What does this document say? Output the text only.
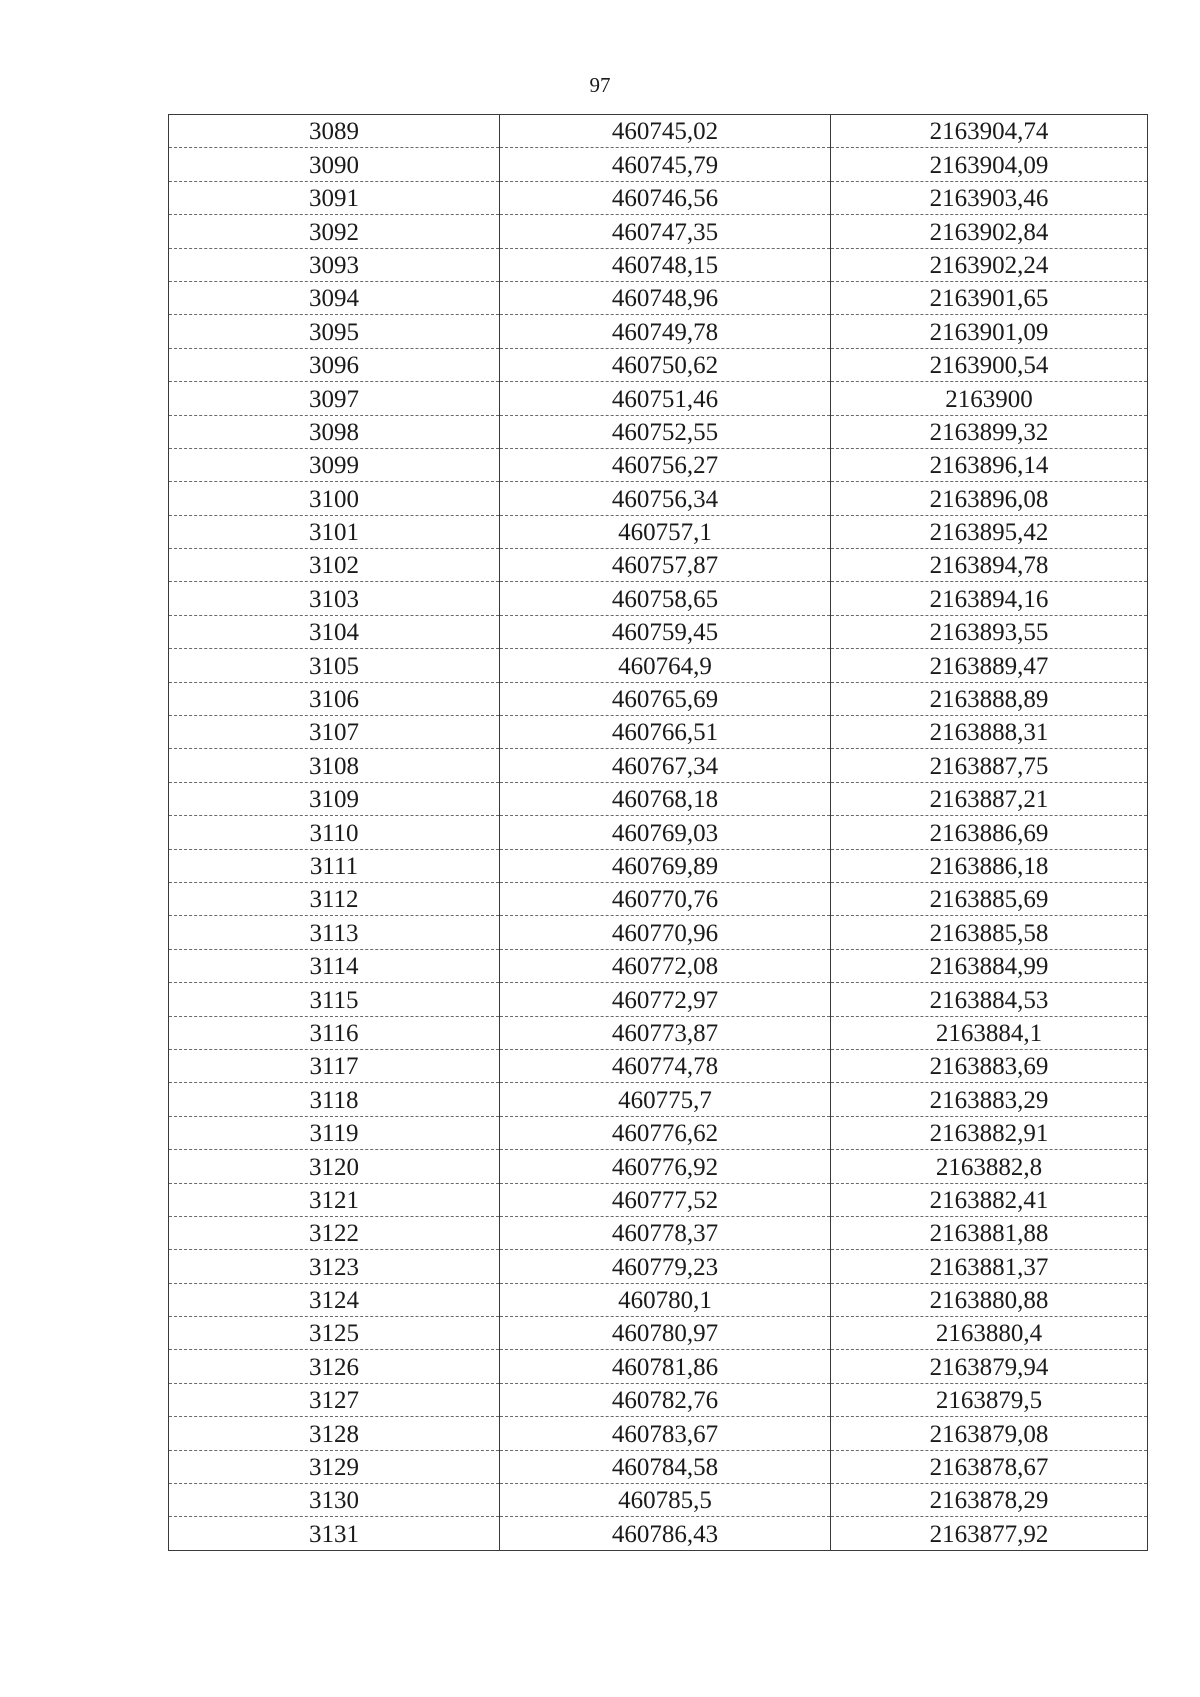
97
3089	460745,02	2163904,74
3090	460745,79	2163904,09
3091	460746,56	2163903,46
3092	460747,35	2163902,84
3093	460748,15	2163902,24
3094	460748,96	2163901,65
3095	460749,78	2163901,09
3096	460750,62	2163900,54
3097	460751,46	2163900
3098	460752,55	2163899,32
3099	460756,27	2163896,14
3100	460756,34	2163896,08
3101	460757,1	2163895,42
3102	460757,87	2163894,78
3103	460758,65	2163894,16
3104	460759,45	2163893,55
3105	460764,9	2163889,47
3106	460765,69	2163888,89
3107	460766,51	2163888,31
3108	460767,34	2163887,75
3109	460768,18	2163887,21
3110	460769,03	2163886,69
3111	460769,89	2163886,18
3112	460770,76	2163885,69
3113	460770,96	2163885,58
3114	460772,08	2163884,99
3115	460772,97	2163884,53
3116	460773,87	2163884,1
3117	460774,78	2163883,69
3118	460775,7	2163883,29
3119	460776,62	2163882,91
3120	460776,92	2163882,8
3121	460777,52	2163882,41
3122	460778,37	2163881,88
3123	460779,23	2163881,37
3124	460780,1	2163880,88
3125	460780,97	2163880,4
3126	460781,86	2163879,94
3127	460782,76	2163879,5
3128	460783,67	2163879,08
3129	460784,58	2163878,67
3130	460785,5	2163878,29
3131	460786,43	2163877,92
